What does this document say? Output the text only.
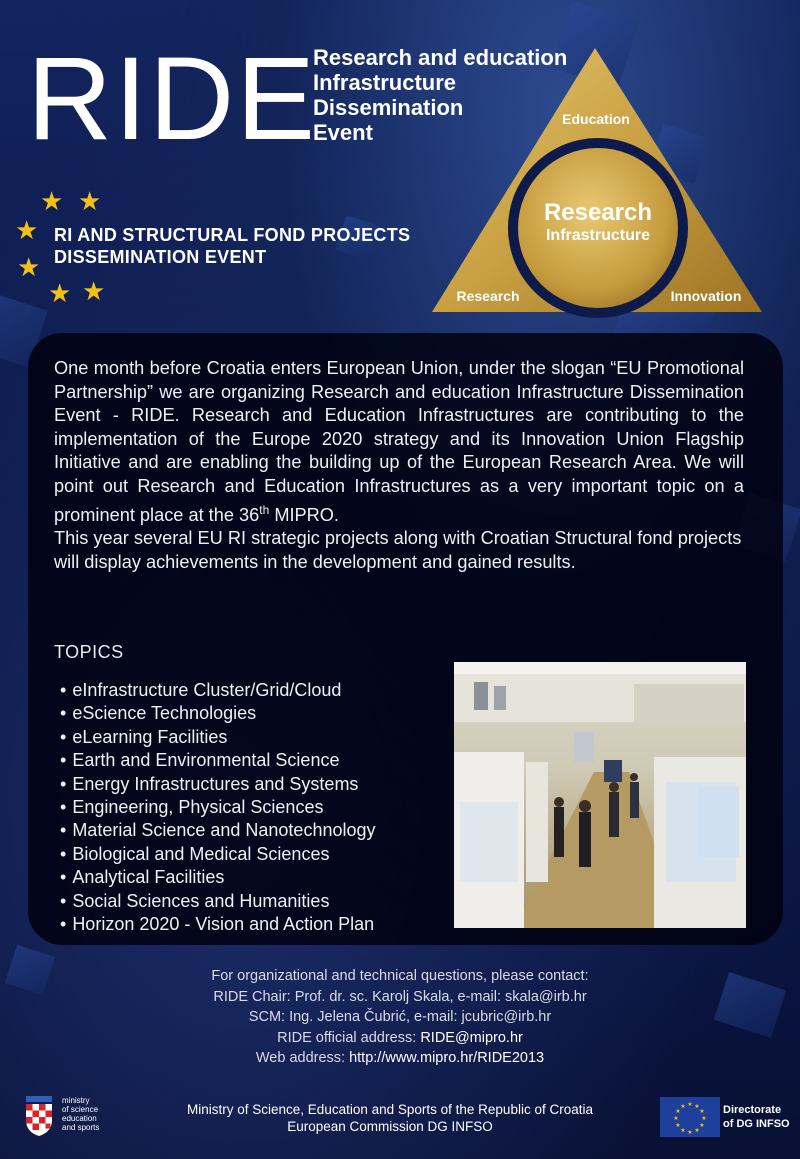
RIDE
Research and education
Infrastructure
Dissemination
Event
★ ★
★
★
★ ★
RI AND STRUCTURAL FOND PROJECTS
DISSEMINATION EVENT
Research
Infrastructure
Education
Research	Innovation

One month before Croatia enters European Union, under the slogan “EU Promotional Partnership” we are organizing Research and education Infrastructure Dissemination Event - RIDE. Research and Education Infrastructures are contributing to the implementation of the Europe 2020 strategy and its Innovation Union Flagship Initiative and are enabling the building up of the European Research Area. We will point out Research and Education Infrastructures as a very important topic on a prominent place at the 36th MIPRO.

This year several EU RI strategic projects along with Croatian Structural fond projects will display achievements in the development and gained results.

TOPICS
• eInfrastructure Cluster/Grid/Cloud
• eScience Technologies
• eLearning Facilities
• Earth and Environmental Science
• Energy Infrastructures and Systems
• Engineering, Physical Sciences
• Material Science and Nanotechnology
• Biological and Medical Sciences
• Analytical Facilities
• Social Sciences and Humanities
• Horizon 2020 - Vision and Action Plan
For organizational and technical questions, please contact:
RIDE Chair: Prof. dr. sc. Karolj Skala, e-mail: skala@irb.hr
SCM: Ing. Jelena Čubrić, e-mail: jcubric@irb.hr
RIDE official address: RIDE@mipro.hr
Web address: http://www.mipro.hr/RIDE2013
ministry
of science
education
and sports
Ministry of Science, Education and Sports of the Republic of Croatia
European Commission DG INFSO
★ ★
★
★
★
★
★
★
★
★
★
★	Directorate
of DG INFSO
